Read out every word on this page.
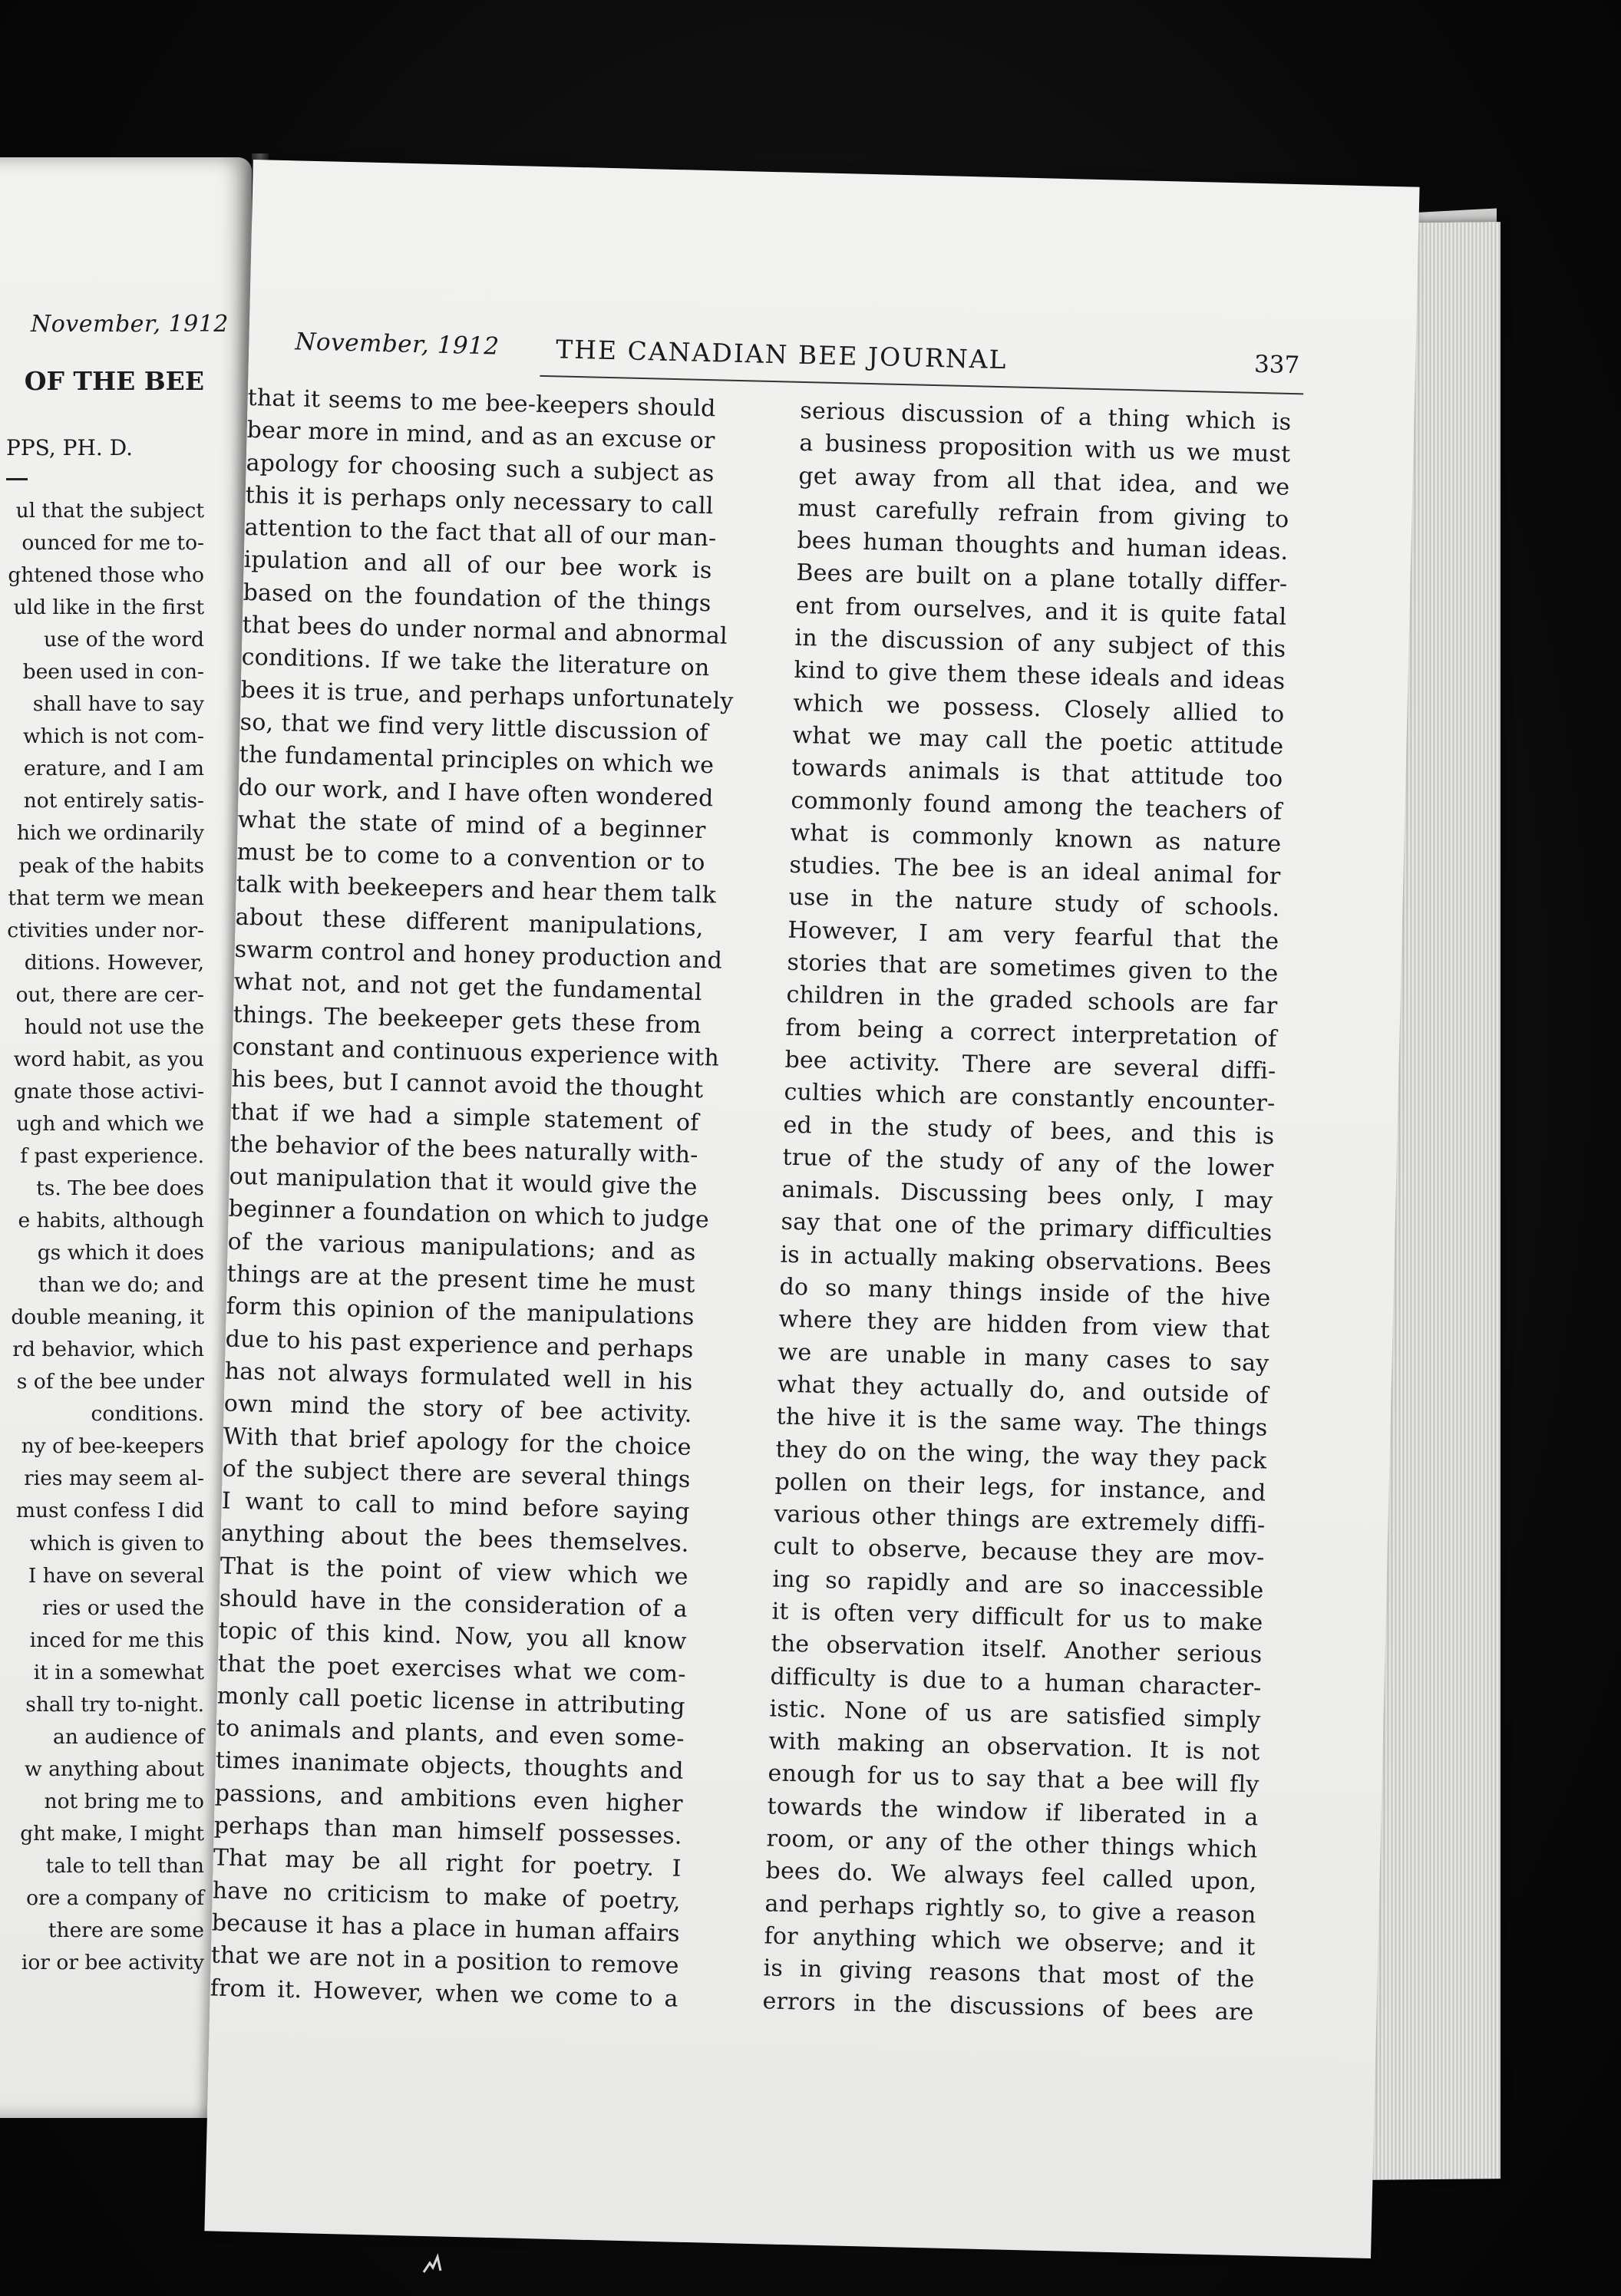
November, 1912
OF THE BEE
PPS, PH. D.
ul that the subject
ounced for me to-
ghtened those who
uld like in the first
use of the word
been used in con-
shall have to say
which is not com-
erature, and I am
not entirely satis-
hich we ordinarily
peak of the habits
that term we mean
ctivities under nor-
ditions. However,
out, there are cer-
hould not use the
word habit, as you
gnate those activi-
ugh and which we
f past experience.
ts. The bee does
e habits, although
gs which it does
than we do; and
double meaning, it
rd behavior, which
s of the bee under
conditions.
ny of bee-keepers
ries may seem al-
must confess I did
which is given to
I have on several
ries or used the
inced for me this
it in a somewhat
shall try to-night.
an audience of
w anything about
not bring me to
ght make, I might
tale to tell than
ore a company of
there are some
ior or bee activity
November, 1912 THE CANADIAN BEE JOURNAL	337
that it seems to me bee-keepers should
bear more in mind, and as an excuse or
apology for choosing such a subject as
this it is perhaps only necessary to call
attention to the fact that all of our man-
ipulation and all of our bee work is
based on the foundation of the things
that bees do under normal and abnormal
conditions. If we take the literature on
bees it is true, and perhaps unfortunately
so, that we find very little discussion of
the fundamental principles on which we
do our work, and I have often wondered
what the state of mind of a beginner
must be to come to a convention or to
talk with beekeepers and hear them talk
about these different manipulations,
swarm control and honey production and
what not, and not get the fundamental
things. The beekeeper gets these from
constant and continuous experience with
his bees, but I cannot avoid the thought
that if we had a simple statement of
the behavior of the bees naturally with-
out manipulation that it would give the
beginner a foundation on which to judge
of the various manipulations; and as
things are at the present time he must
form this opinion of the manipulations
due to his past experience and perhaps
has not always formulated well in his
own mind the story of bee activity.
With that brief apology for the choice
of the subject there are several things
I want to call to mind before saying
anything about the bees themselves.
That is the point of view which we
should have in the consideration of a
topic of this kind. Now, you all know
that the poet exercises what we com-
monly call poetic license in attributing
to animals and plants, and even some-
times inanimate objects, thoughts and
passions, and ambitions even higher
perhaps than man himself possesses.
That may be all right for poetry. I
have no criticism to make of poetry,
because it has a place in human affairs
that we are not in a position to remove
from it. However, when we come to a
serious discussion of a thing which is
a business proposition with us we must
get away from all that idea, and we
must carefully refrain from giving to
bees human thoughts and human ideas.
Bees are built on a plane totally differ-
ent from ourselves, and it is quite fatal
in the discussion of any subject of this
kind to give them these ideals and ideas
which we possess. Closely allied to
what we may call the poetic attitude
towards animals is that attitude too
commonly found among the teachers of
what is commonly known as nature
studies. The bee is an ideal animal for
use in the nature study of schools.
However, I am very fearful that the
stories that are sometimes given to the
children in the graded schools are far
from being a correct interpretation of
bee activity. There are several diffi-
culties which are constantly encounter-
ed in the study of bees, and this is
true of the study of any of the lower
animals. Discussing bees only, I may
say that one of the primary difficulties
is in actually making observations. Bees
do so many things inside of the hive
where they are hidden from view that
we are unable in many cases to say
what they actually do, and outside of
the hive it is the same way. The things
they do on the wing, the way they pack
pollen on their legs, for instance, and
various other things are extremely diffi-
cult to observe, because they are mov-
ing so rapidly and are so inaccessible
it is often very difficult for us to make
the observation itself. Another serious
difficulty is due to a human character-
istic. None of us are satisfied simply
with making an observation. It is not
enough for us to say that a bee will fly
towards the window if liberated in a
room, or any of the other things which
bees do. We always feel called upon,
and perhaps rightly so, to give a reason
for anything which we observe; and it
is in giving reasons that most of the
errors in the discussions of bees are
